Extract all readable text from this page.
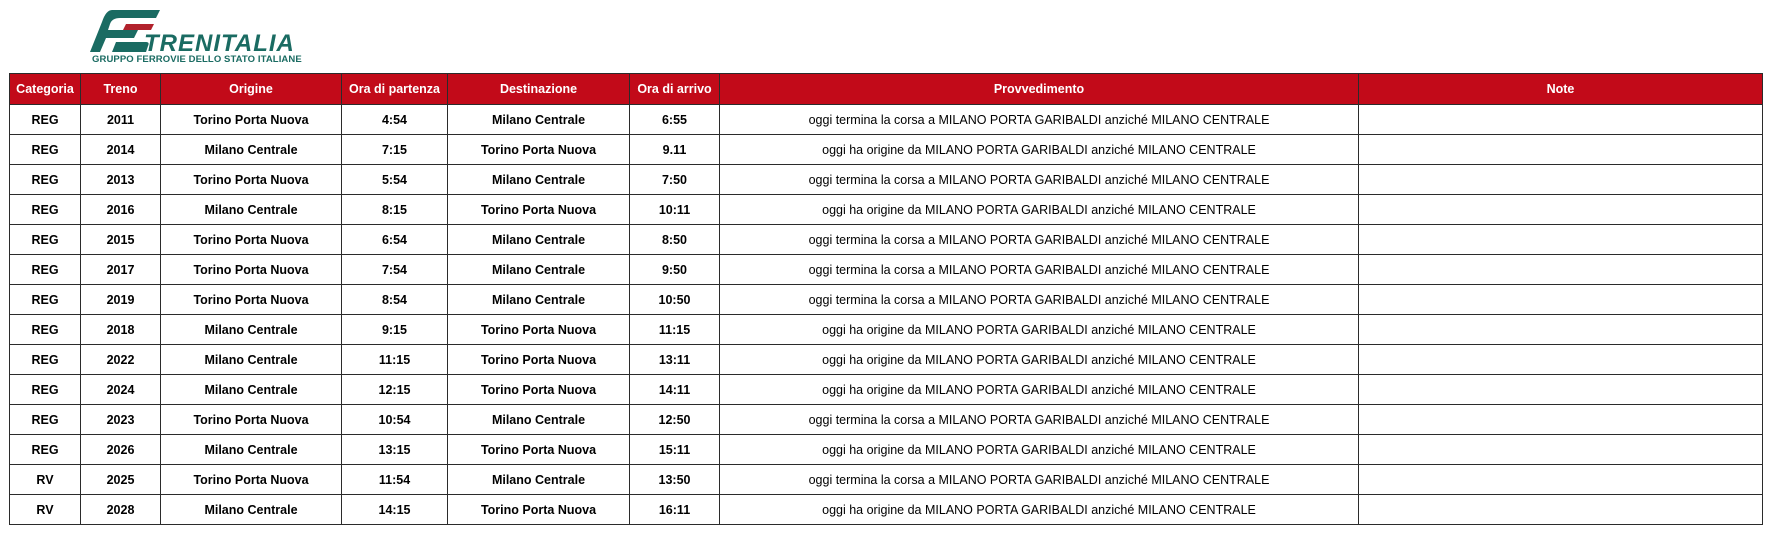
TRENITALIA
GRUPPO FERROVIE DELLO STATO ITALIANE
Categoria	Treno	Origine	Ora di partenza	Destinazione	Ora di arrivo	Provvedimento	Note
REG	2011	Torino Porta Nuova	4:54	Milano Centrale	6:55	oggi termina la corsa a MILANO PORTA GARIBALDI anziché MILANO CENTRALE	
REG	2014	Milano Centrale	7:15	Torino Porta Nuova	9.11	oggi ha origine da MILANO PORTA GARIBALDI anziché MILANO CENTRALE	
REG	2013	Torino Porta Nuova	5:54	Milano Centrale	7:50	oggi termina la corsa a MILANO PORTA GARIBALDI anziché MILANO CENTRALE	
REG	2016	Milano Centrale	8:15	Torino Porta Nuova	10:11	oggi ha origine da MILANO PORTA GARIBALDI anziché MILANO CENTRALE	
REG	2015	Torino Porta Nuova	6:54	Milano Centrale	8:50	oggi termina la corsa a MILANO PORTA GARIBALDI anziché MILANO CENTRALE	
REG	2017	Torino Porta Nuova	7:54	Milano Centrale	9:50	oggi termina la corsa a MILANO PORTA GARIBALDI anziché MILANO CENTRALE	
REG	2019	Torino Porta Nuova	8:54	Milano Centrale	10:50	oggi termina la corsa a MILANO PORTA GARIBALDI anziché MILANO CENTRALE	
REG	2018	Milano Centrale	9:15	Torino Porta Nuova	11:15	oggi ha origine da MILANO PORTA GARIBALDI anziché MILANO CENTRALE	
REG	2022	Milano Centrale	11:15	Torino Porta Nuova	13:11	oggi ha origine da MILANO PORTA GARIBALDI anziché MILANO CENTRALE	
REG	2024	Milano Centrale	12:15	Torino Porta Nuova	14:11	oggi ha origine da MILANO PORTA GARIBALDI anziché MILANO CENTRALE	
REG	2023	Torino Porta Nuova	10:54	Milano Centrale	12:50	oggi termina la corsa a MILANO PORTA GARIBALDI anziché MILANO CENTRALE	
REG	2026	Milano Centrale	13:15	Torino Porta Nuova	15:11	oggi ha origine da MILANO PORTA GARIBALDI anziché MILANO CENTRALE	
RV	2025	Torino Porta Nuova	11:54	Milano Centrale	13:50	oggi termina la corsa a MILANO PORTA GARIBALDI anziché MILANO CENTRALE	
RV	2028	Milano Centrale	14:15	Torino Porta Nuova	16:11	oggi ha origine da MILANO PORTA GARIBALDI anziché MILANO CENTRALE	
